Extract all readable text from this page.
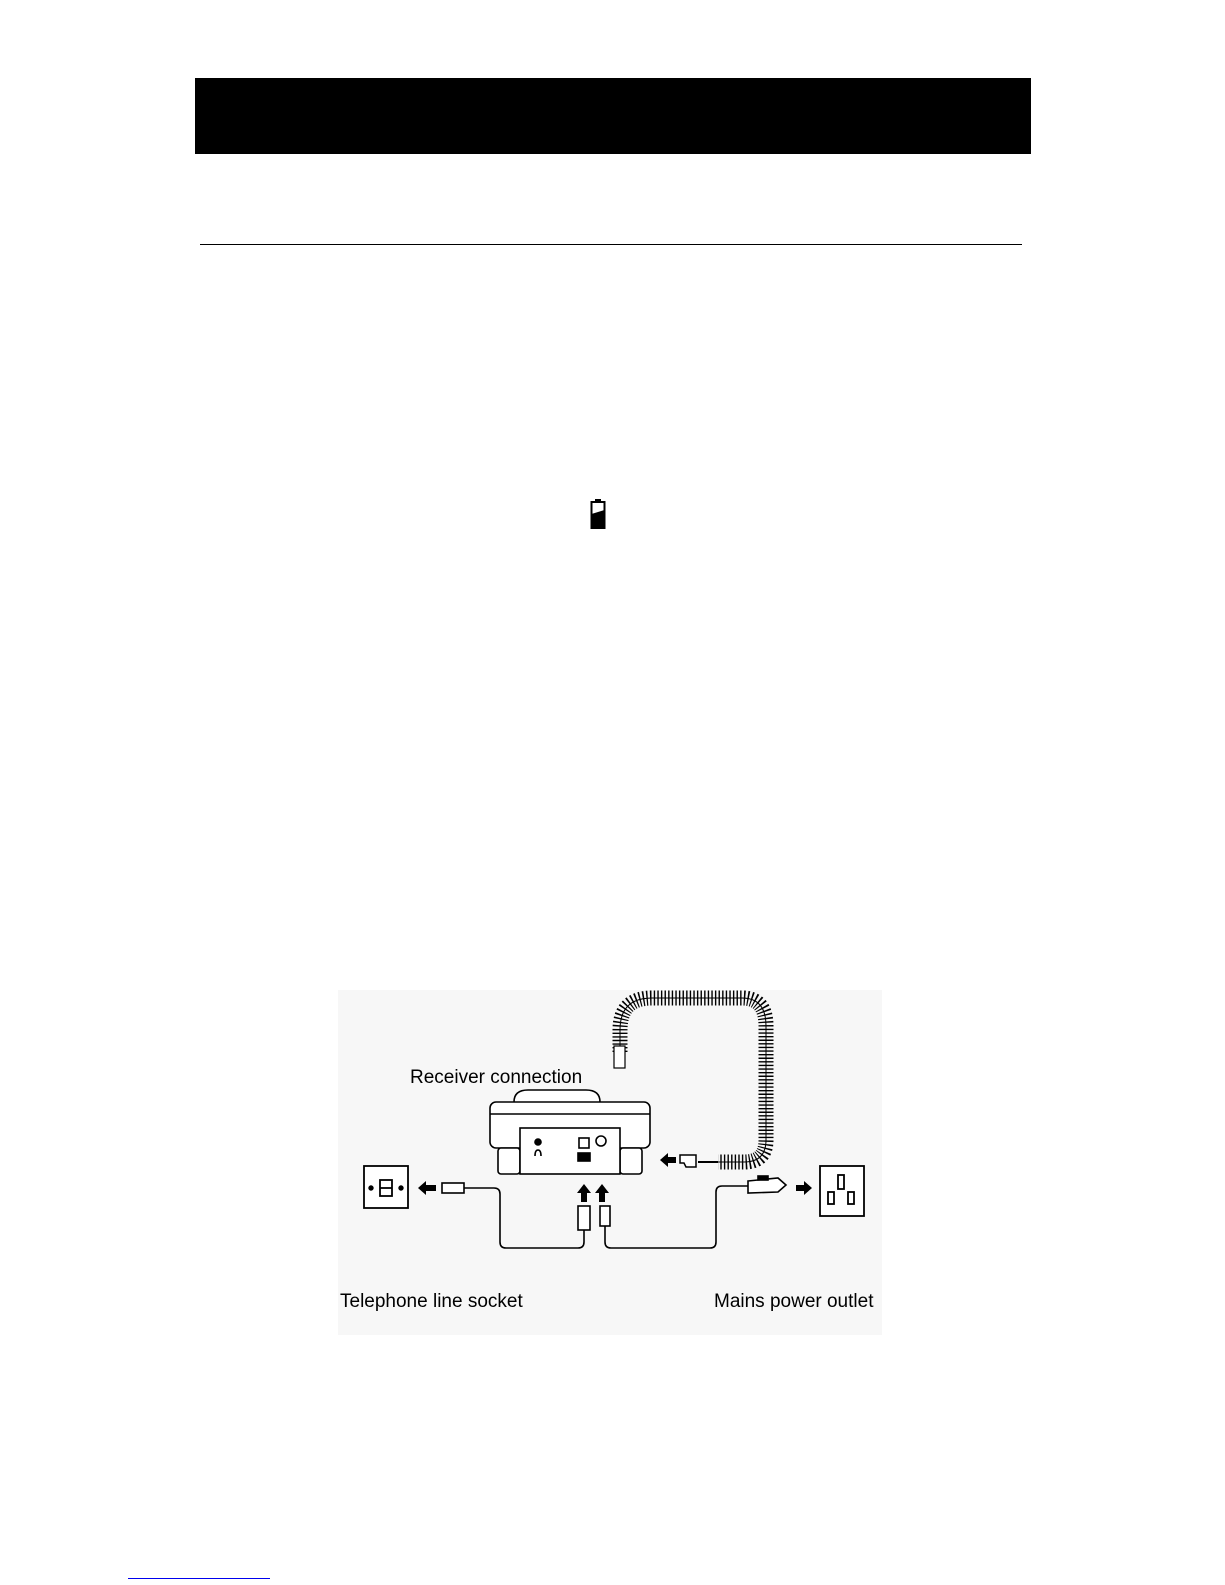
Receiver connection
Telephone line socket	Mains power outlet
